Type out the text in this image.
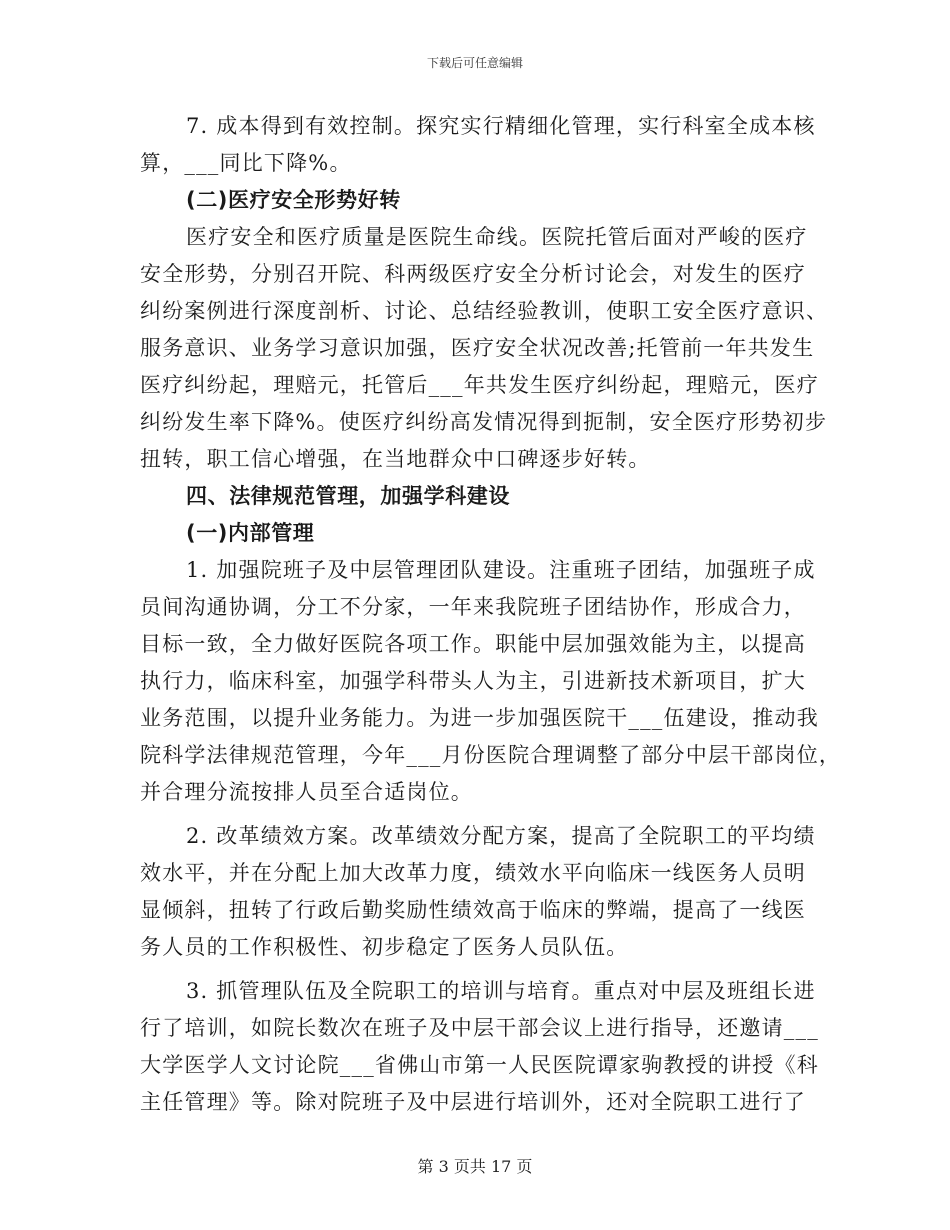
下载后可任意编辑
7. 成本得到有效控制。探究实行精细化管理，实行科室全成本核
算，___同比下降%。
(二)医疗安全形势好转
医疗安全和医疗质量是医院生命线。医院托管后面对严峻的医疗
安全形势，分别召开院、科两级医疗安全分析讨论会，对发生的医疗
纠纷案例进行深度剖析、讨论、总结经验教训，使职工安全医疗意识、
服务意识、业务学习意识加强，医疗安全状况改善;托管前一年共发生
医疗纠纷起，理赔元，托管后___年共发生医疗纠纷起，理赔元，医疗
纠纷发生率下降%。使医疗纠纷高发情况得到扼制，安全医疗形势初步
扭转，职工信心增强，在当地群众中口碑逐步好转。
四、法律规范管理，加强学科建设
(一)内部管理
1. 加强院班子及中层管理团队建设。注重班子团结，加强班子成
员间沟通协调，分工不分家，一年来我院班子团结协作，形成合力，
目标一致，全力做好医院各项工作。职能中层加强效能为主，以提高
执行力，临床科室，加强学科带头人为主，引进新技术新项目，扩大
业务范围，以提升业务能力。为进一步加强医院干___伍建设，推动我
院科学法律规范管理，今年___月份医院合理调整了部分中层干部岗位，
并合理分流按排人员至合适岗位。
2. 改革绩效方案。改革绩效分配方案，提高了全院职工的平均绩
效水平，并在分配上加大改革力度，绩效水平向临床一线医务人员明
显倾斜，扭转了行政后勤奖励性绩效高于临床的弊端，提高了一线医
务人员的工作积极性、初步稳定了医务人员队伍。
3. 抓管理队伍及全院职工的培训与培育。重点对中层及班组长进
行了培训，如院长数次在班子及中层干部会议上进行指导，还邀请___
大学医学人文讨论院___省佛山市第一人民医院谭家驹教授的讲授《科
主任管理》等。除对院班子及中层进行培训外，还对全院职工进行了
第 3 页共 17 页
